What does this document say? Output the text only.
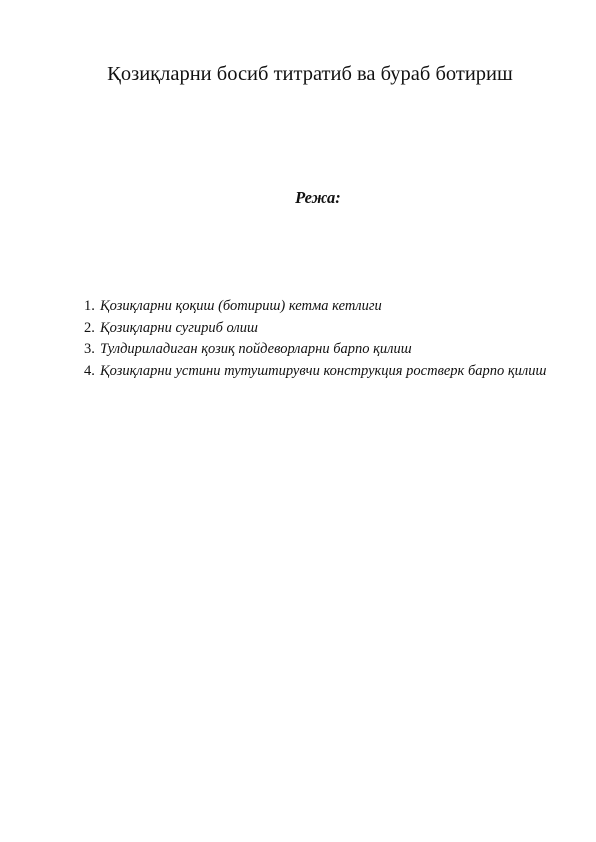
Қозиқларни босиб титратиб ва бураб ботириш
Режа:
1. Қозиқларни қоқиш (ботириш) кетма кетлиги
2. Қозиқларни сугириб олиш
3. Тулдириладиган қозиқ пойдеворларни барпо қилиш
4. Қозиқларни устини тутуштирувчи конструкция ростверк барпо қилиш
